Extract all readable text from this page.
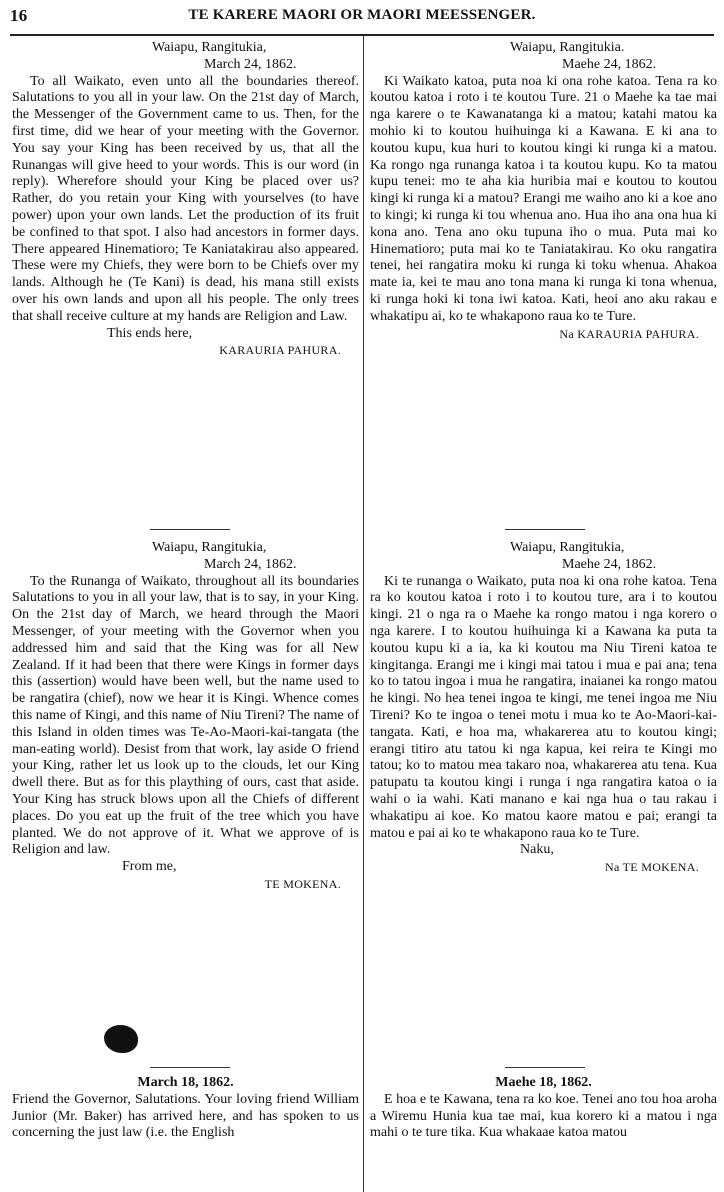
16	TE KARERE MAORI OR MAORI MEESSENGER.
Waiapu, Rangitukia,
March 24, 1862.

To all Waikato, even unto all the boundaries thereof. Salutations to you all in your law. On the 21st day of March, the Messenger of the Government came to us. Then, for the first time, did we hear of your meeting with the Governor. You say your King has been received by us, that all the Runangas will give heed to your words. This is our word (in reply). Wherefore should your King be placed over us? Rather, do you retain your King with yourselves (to have power) upon your own lands. Let the production of its fruit be confined to that spot. I also had ancestors in former days. There appeared Hinematioro; Te Kaniatakirau also appeared. These were my Chiefs, they were born to be Chiefs over my lands. Although he (Te Kani) is dead, his mana still exists over his own lands and upon all his people. The only trees that shall receive culture at my hands are Religion and Law.

This ends here,
KARAURIA PAHURA.
Waiapu, Rangitukia,
March 24, 1862.

To the Runanga of Waikato, throughout all its boundaries Salutations to you in all your law, that is to say, in your King. On the 21st day of March, we heard through the Maori Messenger, of your meeting with the Governor when you addressed him and said that the King was for all New Zealand. If it had been that there were Kings in former days this (assertion) would have been well, but the name used to be rangatira (chief), now we hear it is Kingi. Whence comes this name of Kingi, and this name of Niu Tireni? The name of this Island in olden times was Te-Ao-Maori-kai-tangata (the man-eating world). Desist from that work, lay aside O friend your King, rather let us look up to the clouds, let our King dwell there. But as for this plaything of ours, cast that aside. Your King has struck blows upon all the Chiefs of different places. Do you eat up the fruit of the tree which you have planted. We do not approve of it. What we approve of is Religion and law.

From me,
TE MOKENA.
March 18, 1862.

Friend the Governor, Salutations. Your loving friend William Junior (Mr. Baker) has arrived here, and has spoken to us concerning the just law (i.e. the English

Waiapu, Rangitukia.
Maehe 24, 1862.

Ki Waikato katoa, puta noa ki ona rohe katoa. Tena ra ko koutou katoa i roto i te koutou Ture. 21 o Maehe ka tae mai nga karere o te Kawanatanga ki a matou; katahi matou ka mohio ki to koutou huihuinga ki a Kawana. E ki ana to koutou kupu, kua huri to koutou kingi ki runga ki a matou. Ka rongo nga runanga katoa i ta koutou kupu. Ko ta matou kupu tenei: mo te aha kia huribia mai e koutou to koutou kingi ki runga ki a matou? Erangi me waiho ano ki a koe ano to kingi; ki runga ki tou whenua ano. Hua iho ana ona hua ki kona ano. Tena ano oku tupuna iho o mua. Puta mai ko Hinematioro; puta mai ko te Taniatakirau. Ko oku rangatira tenei, hei rangatira moku ki runga ki toku whenua. Ahakoa mate ia, kei te mau ano tona mana ki runga ki tona whenua, ki runga hoki ki tona iwi katoa. Kati, heoi ano aku rakau e whakatipu ai, ko te whakapono raua ko te Ture.

Na KARAURIA PAHURA.
Waiapu, Rangitukia,
Maehe 24, 1862.

Ki te runanga o Waikato, puta noa ki ona rohe katoa. Tena ra ko koutou katoa i roto i to koutou ture, ara i to koutou kingi. 21 o nga ra o Maehe ka rongo matou i nga korero o nga karere. I to koutou huihuinga ki a Kawana ka puta ta koutou kupu ki a ia, ka ki koutou ma Niu Tireni katoa te kingitanga. Erangi me i kingi mai tatou i mua e pai ana; tena ko to tatou ingoa i mua he rangatira, inaianei ka rongo matou he kingi. No hea tenei ingoa te kingi, me tenei ingoa me Niu Tireni? Ko te ingoa o tenei motu i mua ko te Ao-Maori-kai-tangata. Kati, e hoa ma, whakarerea atu to koutou kingi; erangi titiro atu tatou ki nga kapua, kei reira te Kingi mo tatou; ko to matou mea takaro noa, whakarerea atu tena. Kua patupatu ta koutou kingi i runga i nga rangatira katoa o ia wahi o ia wahi. Kati manano e kai nga hua o tau rakau i whakatipu ai koe. Ko matou kaore matou e pai; erangi ta matou e pai ai ko te whakapono raua ko te Ture.

Naku,
Na TE MOKENA.
Maehe 18, 1862.

E hoa e te Kawana, tena ra ko koe. Tenei ano tou hoa aroha a Wiremu Hunia kua tae mai, kua korero ki a matou i nga mahi o te ture tika. Kua whakaae katoa matou
